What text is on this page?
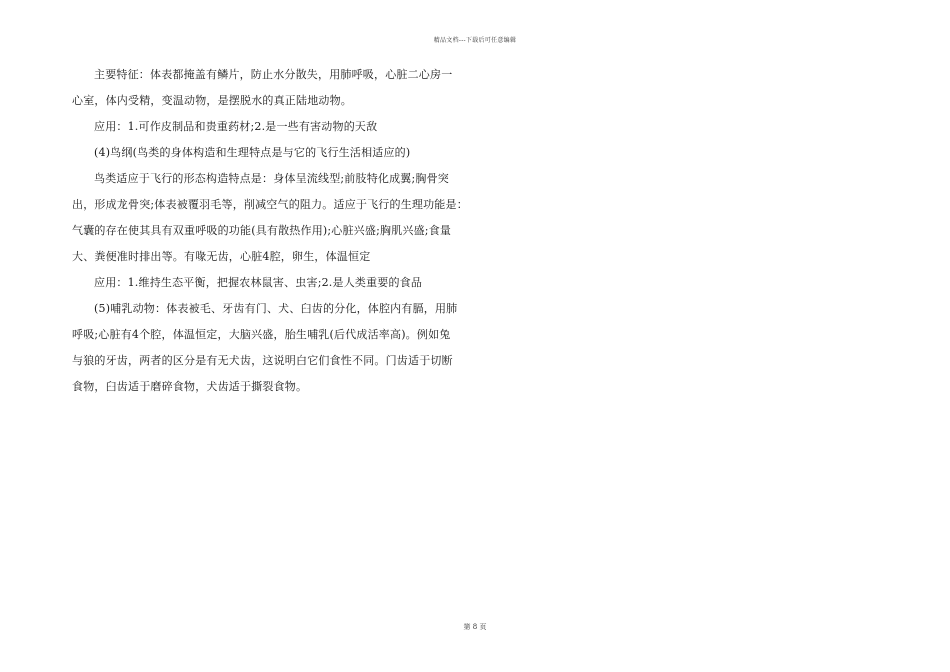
精品文档---下载后可任意编辑
主要特征：体表都掩盖有鳞片，防止水分散失，用肺呼吸，心脏二心房一
心室，体内受精，变温动物，是摆脱水的真正陆地动物。
应用：1.可作皮制品和贵重药材;2.是一些有害动物的天敌
(4)鸟纲(鸟类的身体构造和生理特点是与它的飞行生活相适应的)
鸟类适应于飞行的形态构造特点是：身体呈流线型;前肢特化成翼;胸骨突
出，形成龙骨突;体表被覆羽毛等，削减空气的阻力。适应于飞行的生理功能是：
气囊的存在使其具有双重呼吸的功能(具有散热作用);心脏兴盛;胸肌兴盛;食量
大、粪便准时排出等。有喙无齿，心脏4腔，卵生，体温恒定
应用：1.维持生态平衡，把握农林鼠害、虫害;2.是人类重要的食品
(5)哺乳动物：体表被毛、牙齿有门、犬、臼齿的分化，体腔内有膈，用肺
呼吸;心脏有4个腔，体温恒定，大脑兴盛，胎生哺乳(后代成活率高)。例如兔
与狼的牙齿，两者的区分是有无犬齿，这说明白它们食性不同。门齿适于切断
食物，臼齿适于磨碎食物，犬齿适于撕裂食物。
第 8 页
